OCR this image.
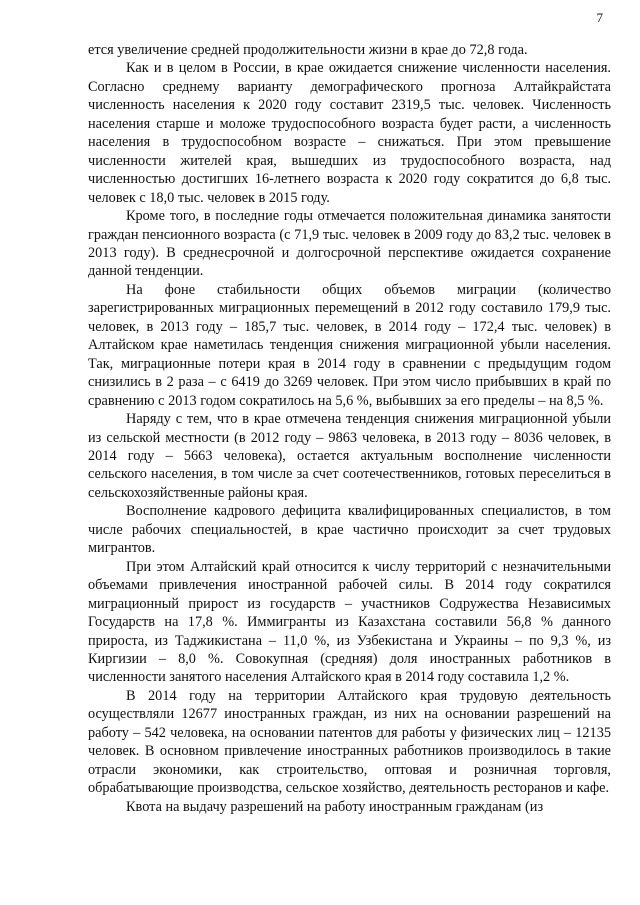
7

ется увеличение средней продолжительности жизни в крае до 72,8 года.

Как и в целом в России, в крае ожидается снижение численности населения. Согласно среднему варианту демографического прогноза Алтайкрайстата численность населения к 2020 году составит 2319,5 тыс. человек. Численность населения старше и моложе трудоспособного возраста будет расти, а численность населения в трудоспособном возрасте – снижаться. При этом превышение численности жителей края, вышедших из трудоспособного возраста, над численностью достигших 16-летнего возраста к 2020 году сократится до 6,8 тыс. человек с 18,0 тыс. человек в 2015 году.

Кроме того, в последние годы отмечается положительная динамика занятости граждан пенсионного возраста (с 71,9 тыс. человек в 2009 году до 83,2 тыс. человек в 2013 году). В среднесрочной и долгосрочной перспективе ожидается сохранение данной тенденции.

На фоне стабильности общих объемов миграции (количество зарегистрированных миграционных перемещений в 2012 году составило 179,9 тыс. человек, в 2013 году – 185,7 тыс. человек, в 2014 году – 172,4 тыс. человек) в Алтайском крае наметилась тенденция снижения миграционной убыли населения. Так, миграционные потери края в 2014 году в сравнении с предыдущим годом снизились в 2 раза – с 6419 до 3269 человек. При этом число прибывших в край по сравнению с 2013 годом сократилось на 5,6 %, выбывших за его пределы – на 8,5 %.

Наряду с тем, что в крае отмечена тенденция снижения миграционной убыли из сельской местности (в 2012 году – 9863 человека, в 2013 году – 8036 человек, в 2014 году – 5663 человека), остается актуальным восполнение численности сельского населения, в том числе за счет соотечественников, готовых переселиться в сельскохозяйственные районы края.

Восполнение кадрового дефицита квалифицированных специалистов, в том числе рабочих специальностей, в крае частично происходит за счет трудовых мигрантов.

При этом Алтайский край относится к числу территорий с незначительными объемами привлечения иностранной рабочей силы. В 2014 году сократился миграционный прирост из государств – участников Содружества Независимых Государств на 17,8 %. Иммигранты из Казахстана составили 56,8 % данного прироста, из Таджикистана – 11,0 %, из Узбекистана и Украины – по 9,3 %, из Киргизии – 8,0 %. Совокупная (средняя) доля иностранных работников в численности занятого населения Алтайского края в 2014 году составила 1,2 %.

В 2014 году на территории Алтайского края трудовую деятельность осуществляли 12677 иностранных граждан, из них на основании разрешений на работу – 542 человека, на основании патентов для работы у физических лиц – 12135 человек. В основном привлечение иностранных работников производилось в такие отрасли экономики, как строительство, оптовая и розничная торговля, обрабатывающие производства, сельское хозяйство, деятельность ресторанов и кафе.

Квота на выдачу разрешений на работу иностранным гражданам (из
